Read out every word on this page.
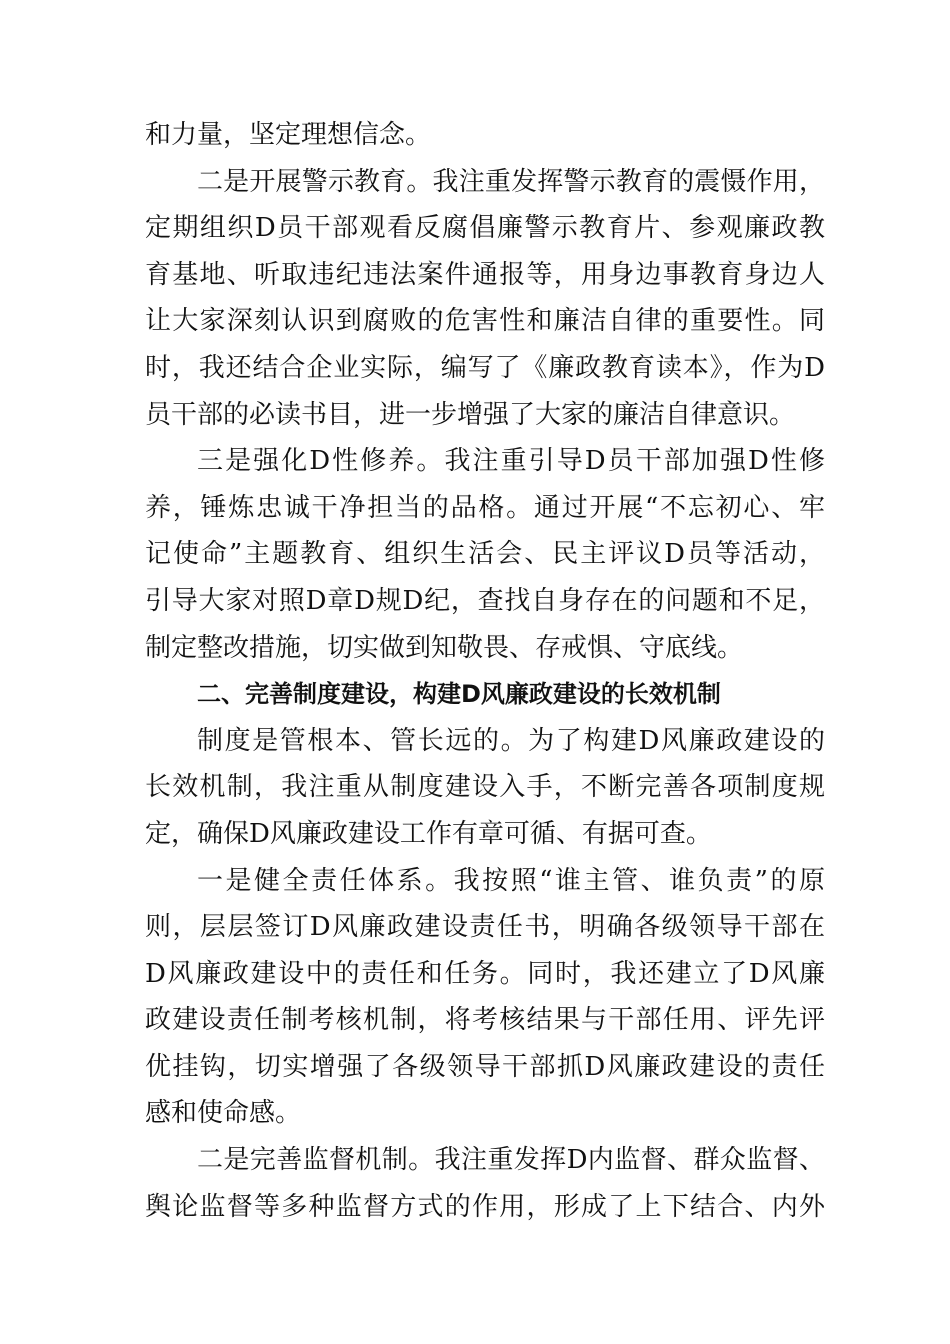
和力量，坚定理想信念。
二是开展警示教育。我注重发挥警示教育的震慑作用，
定期组织D员干部观看反腐倡廉警示教育片、参观廉政教
育基地、听取违纪违法案件通报等，用身边事教育身边人
让大家深刻认识到腐败的危害性和廉洁自律的重要性。同
时，我还结合企业实际，编写了《廉政教育读本》，作为D
员干部的必读书目，进一步增强了大家的廉洁自律意识。
三是强化D性修养。我注重引导D员干部加强D性修
养，锤炼忠诚干净担当的品格。通过开展“不忘初心、牢
记使命”主题教育、组织生活会、民主评议D员等活动，
引导大家对照D章D规D纪，查找自身存在的问题和不足，
制定整改措施，切实做到知敬畏、存戒惧、守底线。
二、完善制度建设，构建D风廉政建设的长效机制
制度是管根本、管长远的。为了构建D风廉政建设的
长效机制，我注重从制度建设入手，不断完善各项制度规
定，确保D风廉政建设工作有章可循、有据可查。
一是健全责任体系。我按照“谁主管、谁负责”的原
则，层层签订D风廉政建设责任书，明确各级领导干部在
D风廉政建设中的责任和任务。同时，我还建立了D风廉
政建设责任制考核机制，将考核结果与干部任用、评先评
优挂钩，切实增强了各级领导干部抓D风廉政建设的责任
感和使命感。
二是完善监督机制。我注重发挥D内监督、群众监督、
舆论监督等多种监督方式的作用，形成了上下结合、内外
